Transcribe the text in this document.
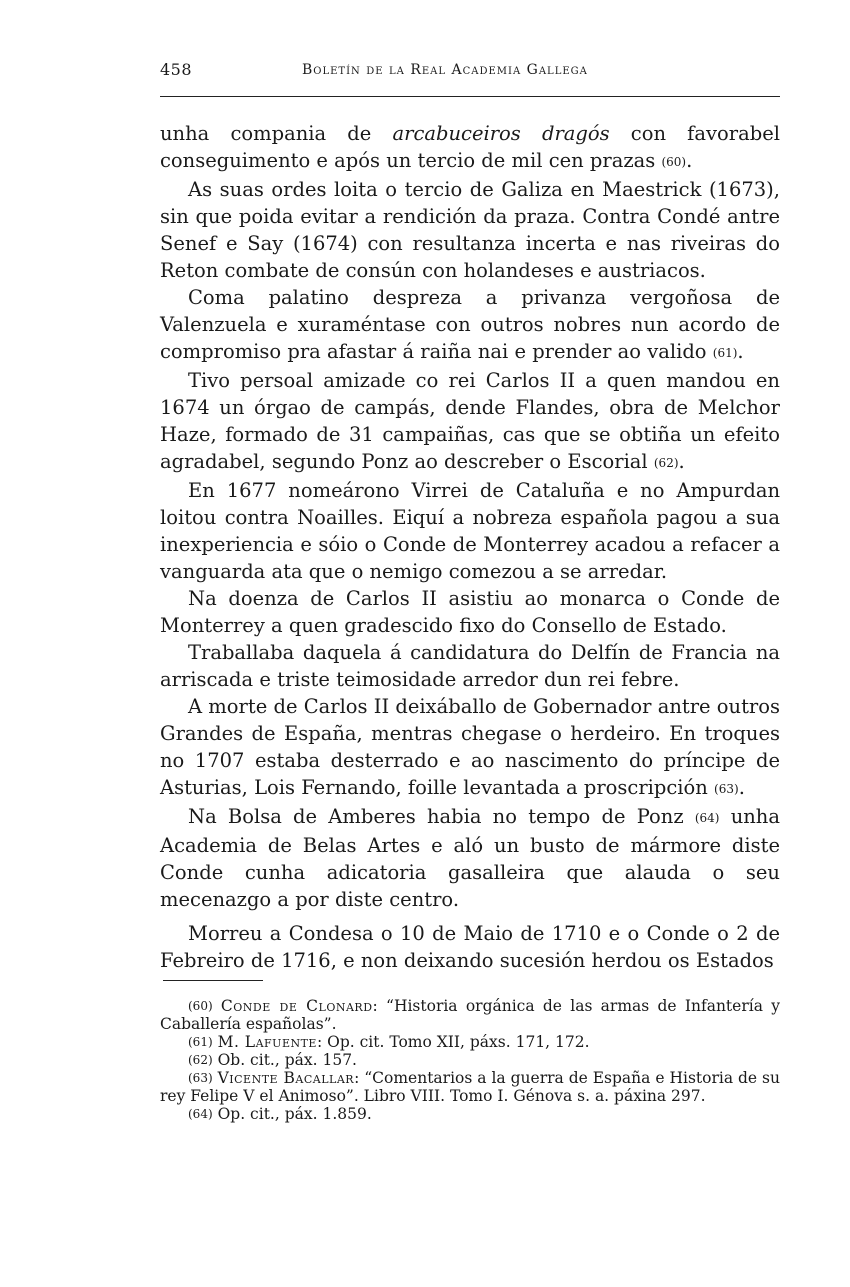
458	Boletín de la Real Academia Gallega

unha compania de arcabuceiros dragós con favorabel conseguimento e após un tercio de mil cen prazas (60).

As suas ordes loita o tercio de Galiza en Maestrick (1673), sin que poida evitar a rendición da praza. Contra Condé antre Senef e Say (1674) con resultanza incerta e nas riveiras do Reton combate de consún con holandeses e austriacos.

Coma palatino despreza a privanza vergoñosa de Valenzuela e xuraméntase con outros nobres nun acordo de compromiso pra afastar á raiña nai e prender ao valido (61).

Tivo persoal amizade co rei Carlos II a quen mandou en 1674 un órgao de campás, dende Flandes, obra de Melchor Haze, formado de 31 campaiñas, cas que se obtiña un efeito agradabel, segundo Ponz ao descreber o Escorial (62).

En 1677 nomeárono Virrei de Cataluña e no Ampurdan loitou contra Noailles. Eiquí a nobreza española pagou a sua inexperiencia e sóio o Conde de Monterrey acadou a refacer a vanguarda ata que o nemigo comezou a se arredar.

Na doenza de Carlos II asistiu ao monarca o Conde de Monterrey a quen gradescido fixo do Consello de Estado.

Traballaba daquela á candidatura do Delfín de Francia na arriscada e triste teimosidade arredor dun rei febre.

A morte de Carlos II deixáballo de Gobernador antre outros Grandes de España, mentras chegase o herdeiro. En troques no 1707 estaba desterrado e ao nascimento do príncipe de Asturias, Lois Fernando, foille levantada a proscripción (63).

Na Bolsa de Amberes habia no tempo de Ponz (64) unha Academia de Belas Artes e aló un busto de mármore diste Conde cunha adicatoria gasalleira que alauda o seu mecenazgo a por diste centro.

Morreu a Condesa o 10 de Maio de 1710 e o Conde o 2 de Febreiro de 1716, e non deixando sucesión herdou os Estados

(60) Conde de Clonard: “Historia orgánica de las armas de Infantería y Caballería españolas”.

(61) M. Lafuente: Op. cit. Tomo XII, páxs. 171, 172.

(62) Ob. cit., páx. 157.

(63) Vicente Bacallar: “Comentarios a la guerra de España e Historia de su rey Felipe V el Animoso”. Libro VIII. Tomo I. Génova s. a. páxina 297.

(64) Op. cit., páx. 1.859.
